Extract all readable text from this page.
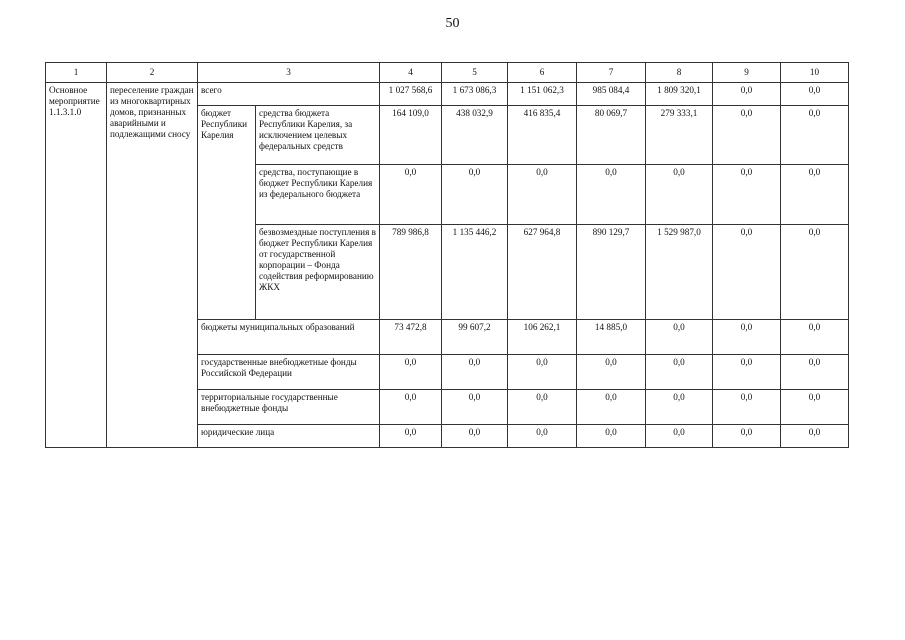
50
1	2	3		4	5	6	7	8	9	10
Основное мероприятие 1.1.3.1.0	переселение граждан из многоквартирных домов, признанных аварийными и подлежащими сносу	всего		1 027 568,6	1 673 086,3	1 151 062,3	985 084,4	1 809 320,1	0,0	0,0
		бюджет Республики Карелия	средства бюджета Республики Карелия, за исключением целевых федеральных средств	164 109,0	438 032,9	416 835,4	80 069,7	279 333,1	0,0	0,0
			средства, поступающие в бюджет Республики Карелия из федерального бюджета	0,0	0,0	0,0	0,0	0,0	0,0	0,0
			безвозмездные поступления в бюджет Республики Карелия от государственной корпорации – Фонда содействия реформированию ЖКХ	789 986,8	1 135 446,2	627 964,8	890 129,7	1 529 987,0	0,0	0,0
		бюджеты муниципальных образований		73 472,8	99 607,2	106 262,1	14 885,0	0,0	0,0	0,0
		государственные внебюджетные фонды Российской Федерации		0,0	0,0	0,0	0,0	0,0	0,0	0,0
		территориальные государственные внебюджетные фонды		0,0	0,0	0,0	0,0	0,0	0,0	0,0
		юридические лица		0,0	0,0	0,0	0,0	0,0	0,0	0,0
